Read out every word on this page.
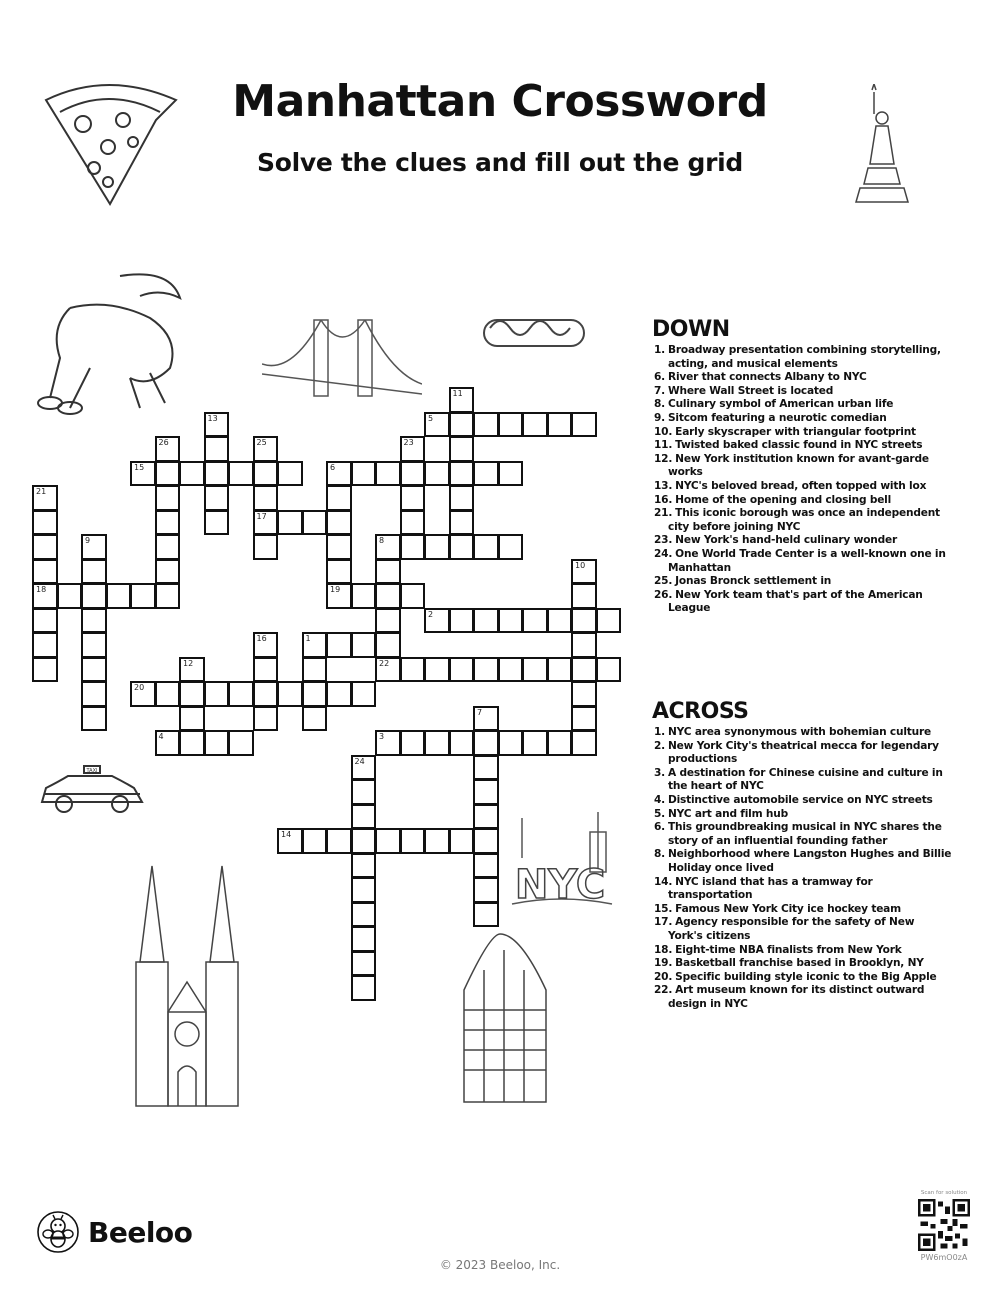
Manhattan Crossword
Solve the clues and fill out the grid
TAXI
NYC
1
2
3
4
5
6
8
14
15
17
18	19
20
22
7
9
10
11
12
13
16
21
23
24
25
26
DOWN

1. Broadway presentation combining storytelling, acting, and musical elements

6. River that connects Albany to NYC

7. Where Wall Street is located

8. Culinary symbol of American urban life

9. Sitcom featuring a neurotic comedian

10. Early skyscraper with triangular footprint

11. Twisted baked classic found in NYC streets

12. New York institution known for avant-garde works

13. NYC's beloved bread, often topped with lox

16. Home of the opening and closing bell

21. This iconic borough was once an independent city before joining NYC

23. New York's hand-held culinary wonder

24. One World Trade Center is a well-known one in Manhattan

25. Jonas Bronck settlement in

26. New York team that's part of the American League

ACROSS

1. NYC area synonymous with bohemian culture

2. New York City's theatrical mecca for legendary productions

3. A destination for Chinese cuisine and culture in the heart of NYC

4. Distinctive automobile service on NYC streets

5. NYC art and film hub

6. This groundbreaking musical in NYC shares the story of an influential founding father

8. Neighborhood where Langston Hughes and Billie Holiday once lived

14. NYC island that has a tramway for transportation

15. Famous New York City ice hockey team

17. Agency responsible for the safety of New York's citizens

18. Eight-time NBA finalists from New York

19. Basketball franchise based in Brooklyn, NY

20. Specific building style iconic to the Big Apple

22. Art museum known for its distinct outward design in NYC

Beeloo
© 2023 Beeloo, Inc.
Scan for solution
PW6mO0zA
